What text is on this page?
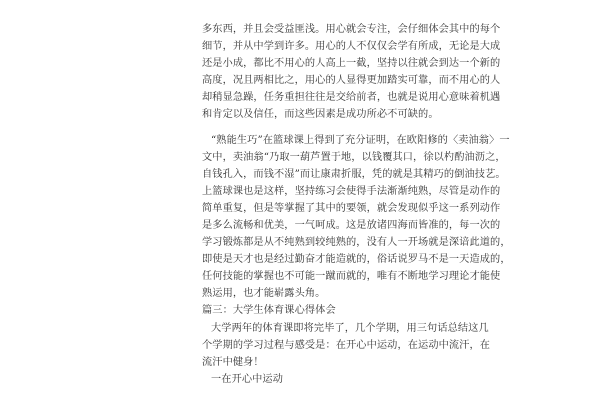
多东西，并且会受益匪浅。用心就会专注，会仔细体会其中的每个
细节，并从中学到许多。用心的人不仅仅会学有所成，无论是大成
还是小成，都比不用心的人高上一截，坚持以往就会到达一个新的
高度，况且两相比之，用心的人显得更加踏实可靠，而不用心的人
却稍显急躁，任务重担往往是交给前者，也就是说用心意味着机遇
和肯定以及信任，而这些因素是成功所必不可缺的。
“熟能生巧”在篮球课上得到了充分证明，在欧阳修的〈卖油翁〉一
文中，卖油翁“乃取一葫芦置于地，以钱覆其口，徐以杓酌油沥之，
自钱孔入，而钱不湿”而让康肃折服，凭的就是其精巧的倒油技艺。
上篮球课也是这样，坚持练习会使得手法渐渐纯熟，尽管是动作的
简单重复，但是等掌握了其中的要领，就会发现似乎这一系列动作
是多么流畅和优美，一气呵成。这是放诸四海而皆准的，每一次的
学习锻炼都是从不纯熟到较纯熟的，没有人一开场就是深谙此道的，
即使是天才也是经过勤奋才能造就的，俗话说罗马不是一天造成的，
任何技能的掌握也不可能一蹴而就的，唯有不断地学习理论才能使
熟运用，也才能崭露头角。
篇三：大学生体育课心得体会
大学两年的体育课即将完毕了，几个学期，用三句话总结这几
个学期的学习过程与感受是：在开心中运动，在运动中流汗，在
流汗中健身！
一在开心中运动
